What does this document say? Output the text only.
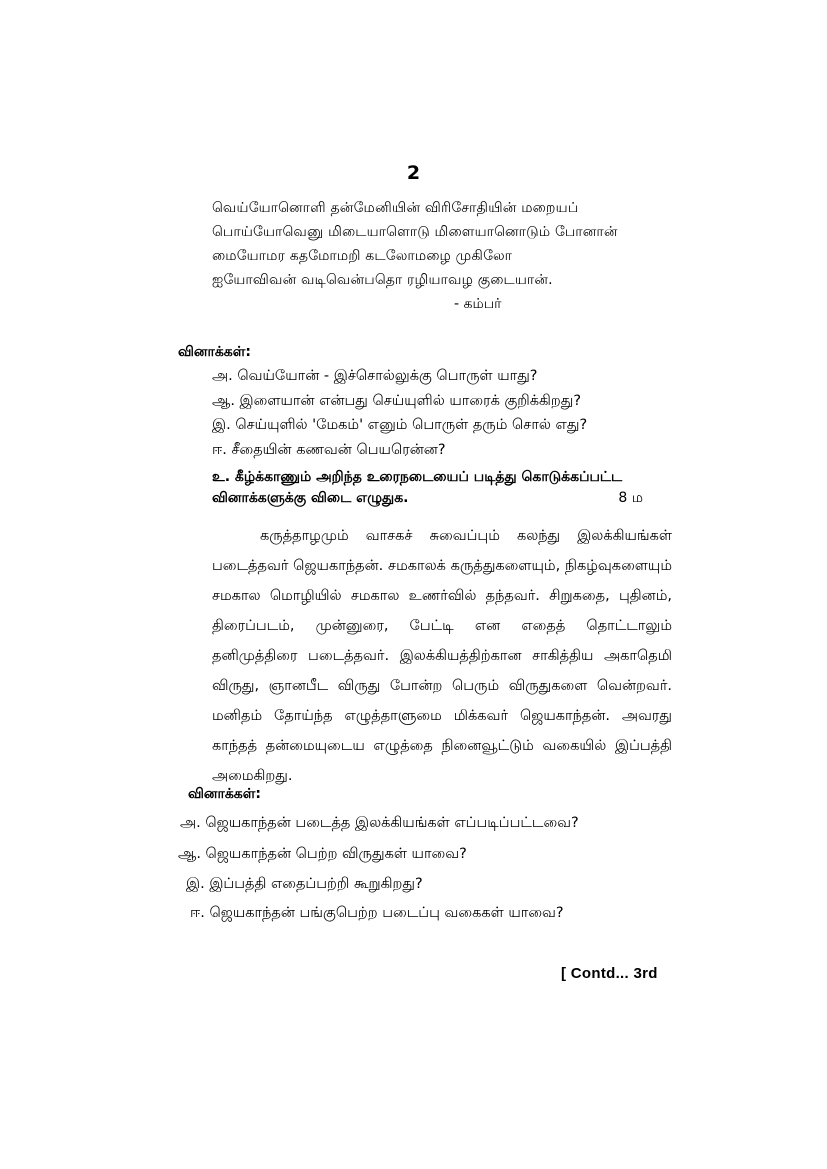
2
வெய்யோனொளி தன்மேனியின் விரிசோதியின் மறையப்
பொய்யோவெனு மிடையாளொடு மிளையானொடும் போனான்
மையோமர கதமோமறி கடலோமழை முகிலோ
ஐயோவிவன் வடிவென்பதொ ரழியாவழ குடையான்.
- கம்பர்
வினாக்கள்:
அ. வெய்யோன் - இச்சொல்லுக்கு பொருள் யாது?
ஆ. இளையான் என்பது செய்யுளில் யாரைக் குறிக்கிறது?
இ. செய்யுளில் 'மேகம்' எனும் பொருள் தரும் சொல் எது?
ஈ. சீதையின் கணவன் பெயரென்ன?
உ. கீழ்க்காணும் அறிந்த உரைநடையைப் படித்து கொடுக்கப்பட்ட
வினாக்களுக்கு விடை எழுதுக.	8 ம

கருத்தாழமும் வாசகச் சுவைப்பும் கலந்து இலக்கியங்கள் படைத்தவர் ஜெயகாந்தன். சமகாலக் கருத்துகளையும், நிகழ்வுகளையும் சமகால மொழியில் சமகால உணர்வில் தந்தவர். சிறுகதை, புதினம், திரைப்படம், முன்னுரை, பேட்டி என எதைத் தொட்டாலும் தனிமுத்திரை படைத்தவர். இலக்கியத்திற்கான சாகித்திய அகாதெமி விருது, ஞானபீட விருது போன்ற பெரும் விருதுகளை வென்றவர். மனிதம் தோய்ந்த எழுத்தாளுமை மிக்கவர் ஜெயகாந்தன். அவரது காந்தத் தன்மையுடைய எழுத்தை நினைவூட்டும் வகையில் இப்பத்தி அமைகிறது.

வினாக்கள்:
அ. ஜெயகாந்தன் படைத்த இலக்கியங்கள் எப்படிப்பட்டவை?
ஆ. ஜெயகாந்தன் பெற்ற விருதுகள் யாவை?
இ. இப்பத்தி எதைப்பற்றி கூறுகிறது?
ஈ. ஜெயகாந்தன் பங்குபெற்ற படைப்பு வகைகள் யாவை?
[ Contd... 3rd
